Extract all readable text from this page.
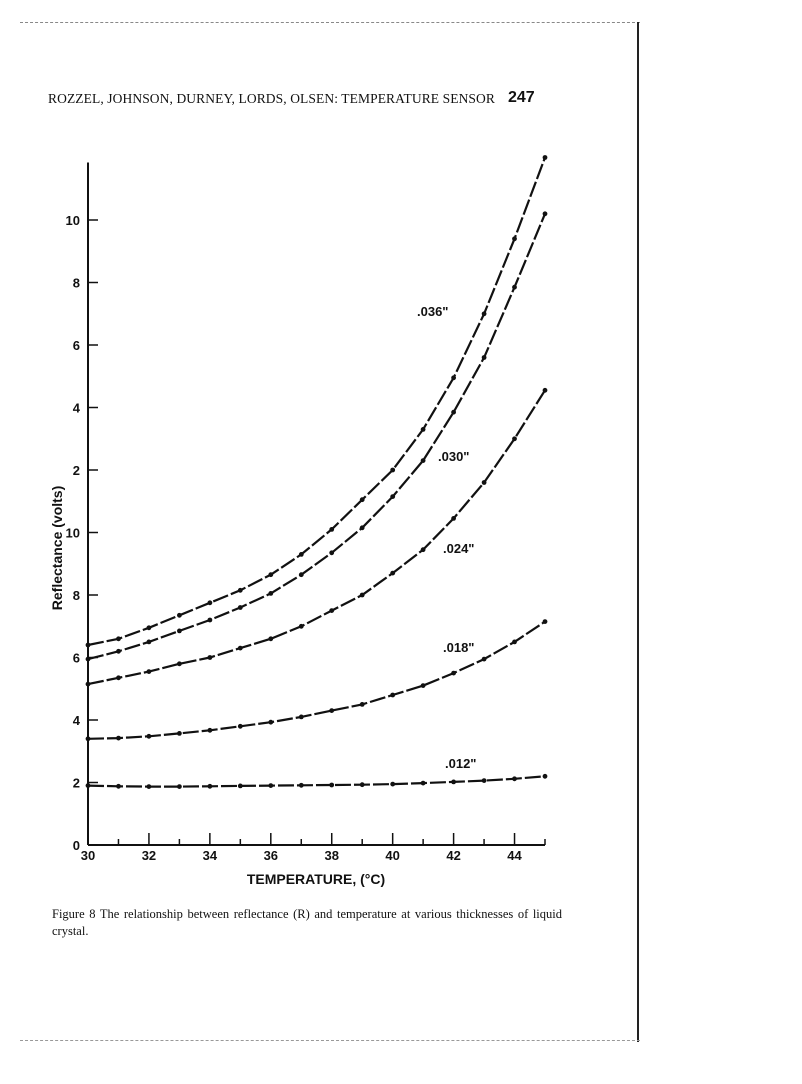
ROZZEL, JOHNSON, DURNEY, LORDS, OLSEN: TEMPERATURE SENSOR 247
0
2
4
6
8
10
2
4
6
8
10
30	32	34	36	38	40	42	44
TEMPERATURE, (°C)
Reflectance (volts)
.036"
.030"
.024"
.018"
.012"
Figure 8 The relationship between reflectance (R) and temperature at various thicknesses of liquid crystal.
